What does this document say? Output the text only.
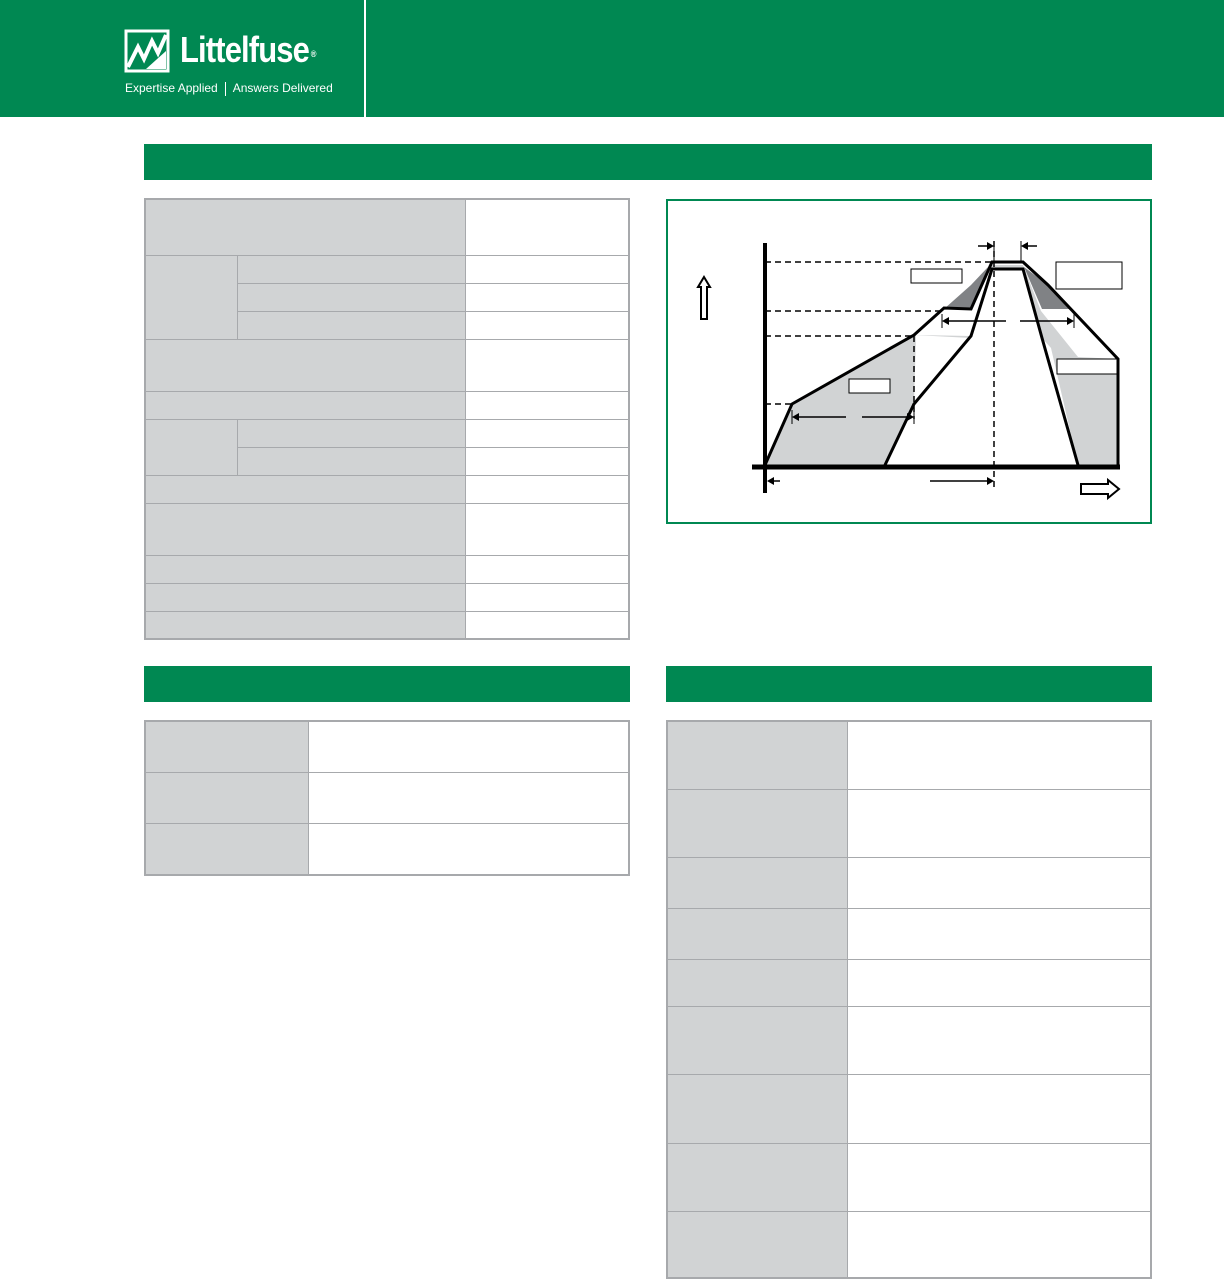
Littelfuse ®
Expertise Applied Answers Delivered
